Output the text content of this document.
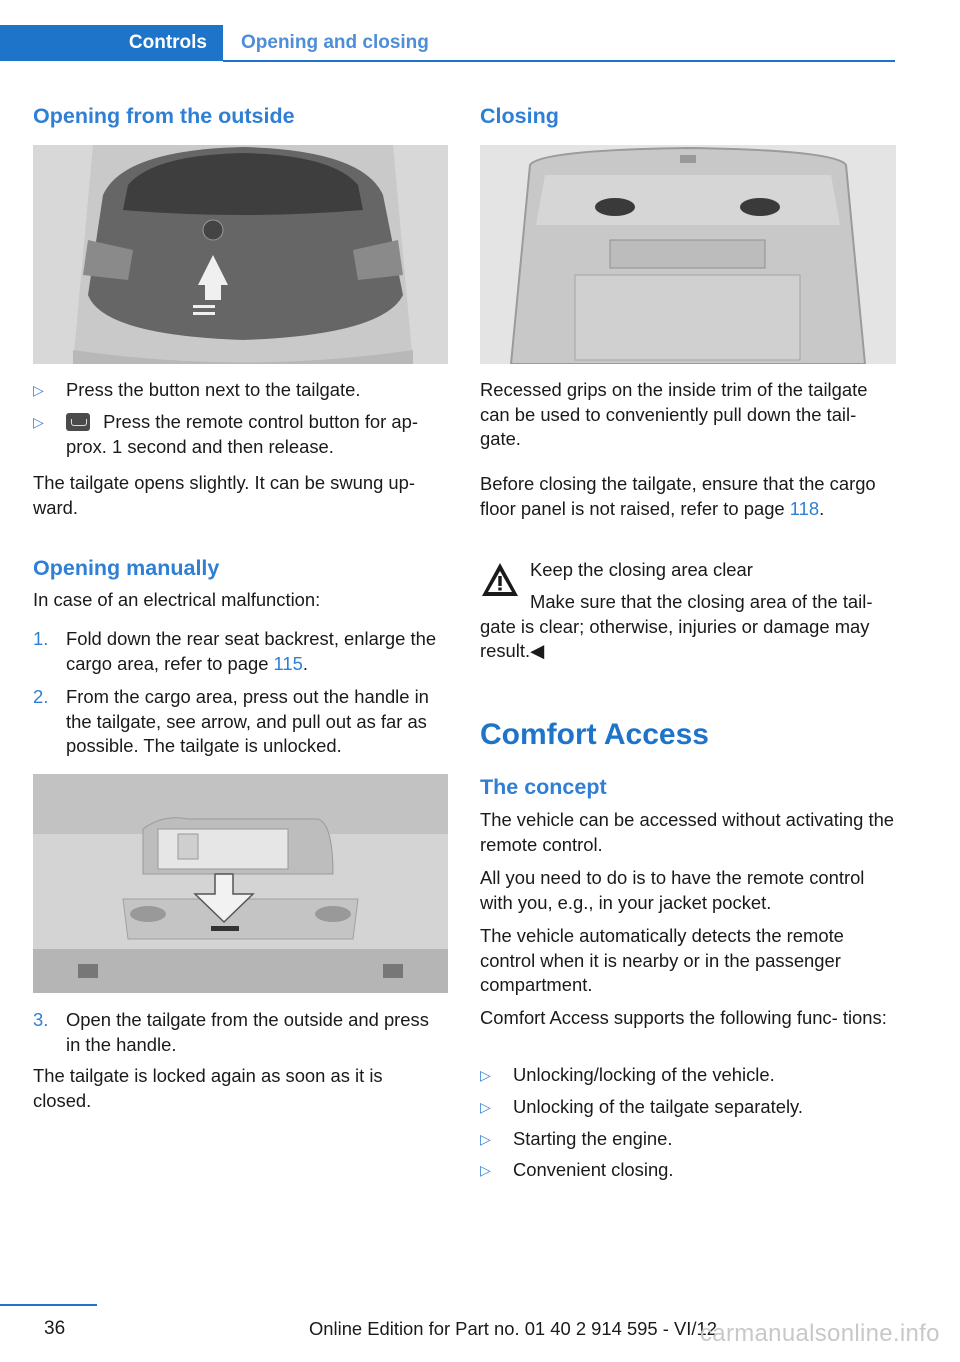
Controls Opening and closing
Opening from the outside
▷	Press the button next to the tailgate.
▷	Press the remote control button for ap‐ prox. 1 second and then release.

The tailgate opens slightly. It can be swung up‐ ward.

Opening manually

In case of an electrical malfunction:

1. Fold down the rear seat backrest, enlarge the cargo area, refer to page 115.
2. From the cargo area, press out the handle in the tailgate, see arrow, and pull out as far as possible. The tailgate is unlocked.
3. Open the tailgate from the outside and press in the handle.

The tailgate is locked again as soon as it is closed.

Closing

Recessed grips on the inside trim of the tailgate can be used to conveniently pull down the tail‐ gate.

Before closing the tailgate, ensure that the cargo floor panel is not raised, refer to page 118.

Keep the closing area clear

Make sure that the closing area of the tail‐ gate is clear; otherwise, injuries or damage may result.◀

Comfort Access
The concept

The vehicle can be accessed without activating the remote control.

All you need to do is to have the remote control with you, e.g., in your jacket pocket.

The vehicle automatically detects the remote control when it is nearby or in the passenger compartment.

Comfort Access supports the following func‐ tions:

▷	Unlocking/locking of the vehicle.
▷	Unlocking of the tailgate separately.
▷	Starting the engine.
▷	Convenient closing.
36	Online Edition for Part no. 01 40 2 914 595 - VI/12
carmanualsonline.info
